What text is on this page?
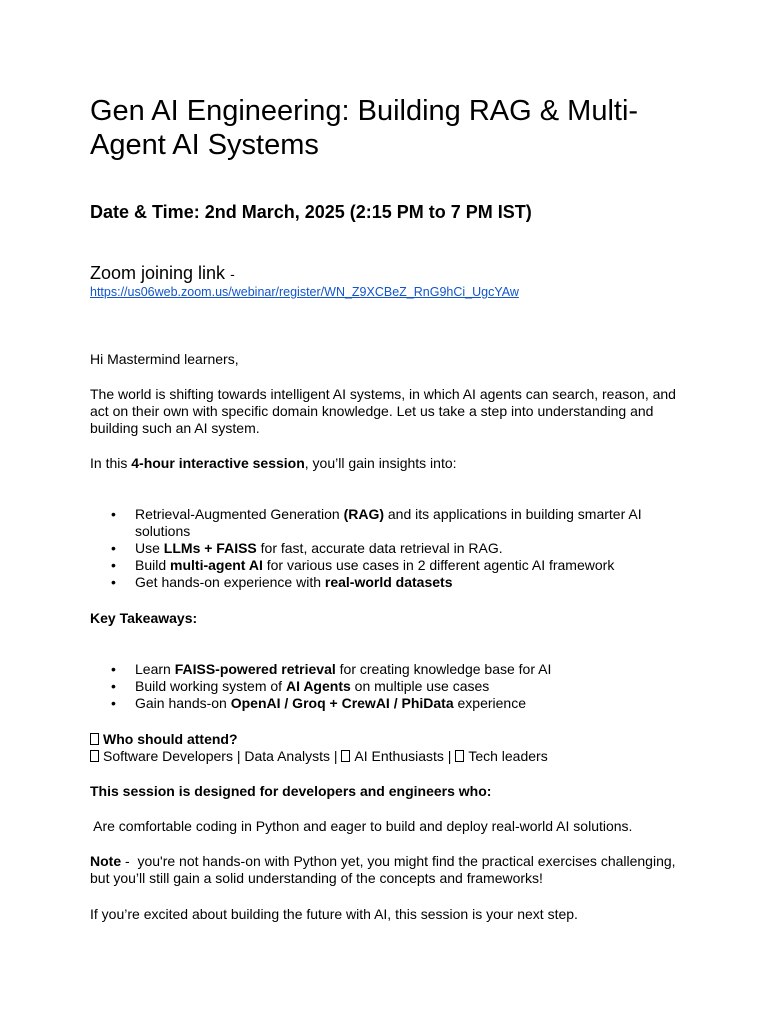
Gen AI Engineering: Building RAG & Multi-Agent AI Systems
Date & Time: 2nd March, 2025 (2:15 PM to 7 PM IST)
Zoom joining link -
https://us06web.zoom.us/webinar/register/WN_Z9XCBeZ_RnG9hCi_UgcYAw

Hi Mastermind learners,

The world is shifting towards intelligent AI systems, in which AI agents can search, reason, and act on their own with specific domain knowledge. Let us take a step into understanding and building such an AI system.

In this 4-hour interactive session, you’ll gain insights into:

• Retrieval-Augmented Generation (RAG) and its applications in building smarter AI solutions
• Use LLMs + FAISS for fast, accurate data retrieval in RAG.
• Build multi-agent AI for various use cases in 2 different agentic AI framework
• Get hands-on experience with real-world datasets

Key Takeaways:

• Learn FAISS-powered retrieval for creating knowledge base for AI
• Build working system of AI Agents on multiple use cases
• Gain hands-on OpenAI / Groq + CrewAI / PhiData experience

Who should attend?

Software Developers | Data Analysts | AI Enthusiasts | Tech leaders

This session is designed for developers and engineers who:

Are comfortable coding in Python and eager to build and deploy real-world AI solutions.

Note -  you're not hands-on with Python yet, you might find the practical exercises challenging, but you’ll still gain a solid understanding of the concepts and frameworks!

If you’re excited about building the future with AI, this session is your next step.
